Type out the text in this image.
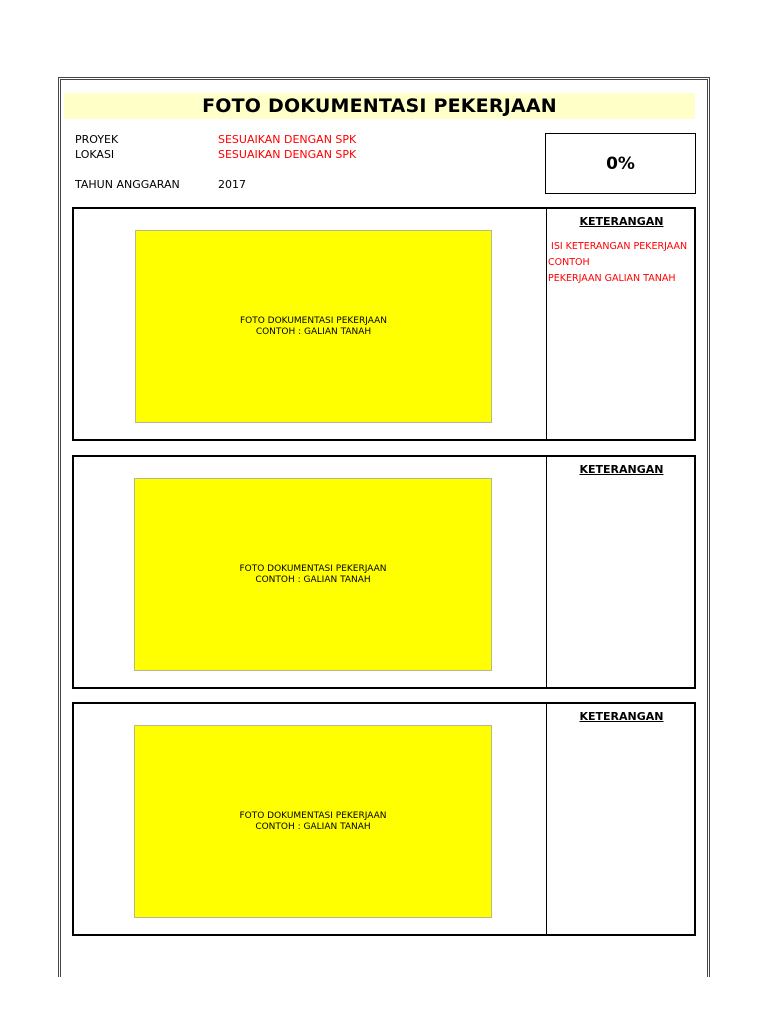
FOTO DOKUMENTASI PEKERJAAN
PROYEK	SESUAIKAN DENGAN SPK
LOKASI	SESUAIKAN DENGAN SPK
TAHUN ANGGARAN	2017
0%
FOTO DOKUMENTASI PEKERJAAN
CONTOH : GALIAN TANAH
KETERANGAN
ISI KETERANGAN PEKERJAAN
CONTOH
PEKERJAAN GALIAN TANAH
FOTO DOKUMENTASI PEKERJAAN
CONTOH : GALIAN TANAH
KETERANGAN
FOTO DOKUMENTASI PEKERJAAN
CONTOH : GALIAN TANAH
KETERANGAN
